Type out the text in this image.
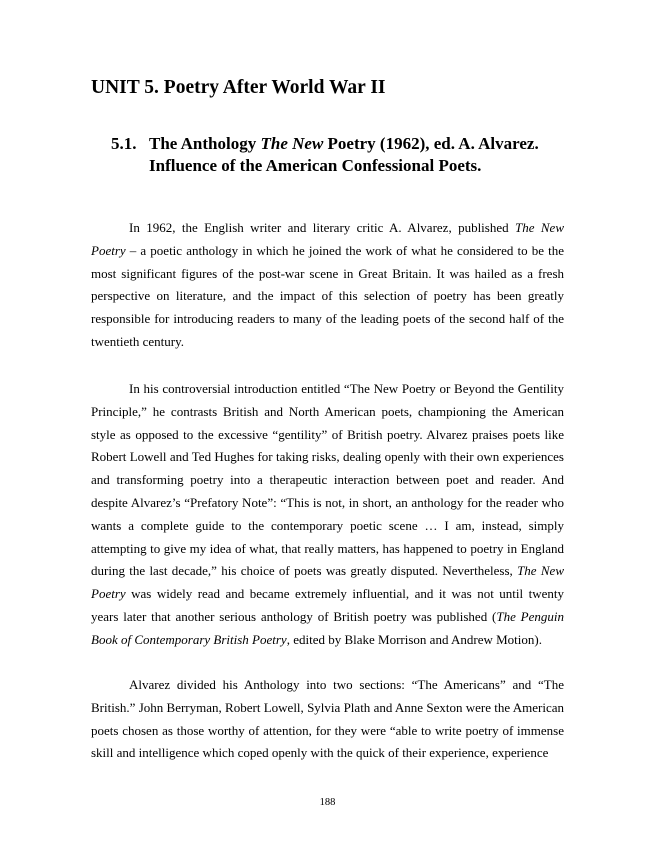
UNIT 5. Poetry After World War II
5.1. The Anthology The New Poetry (1962), ed. A. Alvarez.
Influence of the American Confessional Poets.

In 1962, the English writer and literary critic A. Alvarez, published The New Poetry – a poetic anthology in which he joined the work of what he considered to be the most significant figures of the post-war scene in Great Britain. It was hailed as a fresh perspective on literature, and the impact of this selection of poetry has been greatly responsible for introducing readers to many of the leading poets of the second half of the twentieth century.

In his controversial introduction entitled “The New Poetry or Beyond the Gentility Principle,” he contrasts British and North American poets, championing the American style as opposed to the excessive “gentility” of British poetry. Alvarez praises poets like Robert Lowell and Ted Hughes for taking risks, dealing openly with their own experiences and transforming poetry into a therapeutic interaction between poet and reader. And despite Alvarez’s “Prefatory Note”: “This is not, in short, an anthology for the reader who wants a complete guide to the contemporary poetic scene … I am, instead, simply attempting to give my idea of what, that really matters, has happened to poetry in England during the last decade,” his choice of poets was greatly disputed. Nevertheless, The New Poetry was widely read and became extremely influential, and it was not until twenty years later that another serious anthology of British poetry was published (The Penguin Book of Contemporary British Poetry, edited by Blake Morrison and Andrew Motion).

Alvarez divided his Anthology into two sections: “The Americans” and “The British.” John Berryman, Robert Lowell, Sylvia Plath and Anne Sexton were the American poets chosen as those worthy of attention, for they were “able to write poetry of immense skill and intelligence which coped openly with the quick of their experience, experience

188
